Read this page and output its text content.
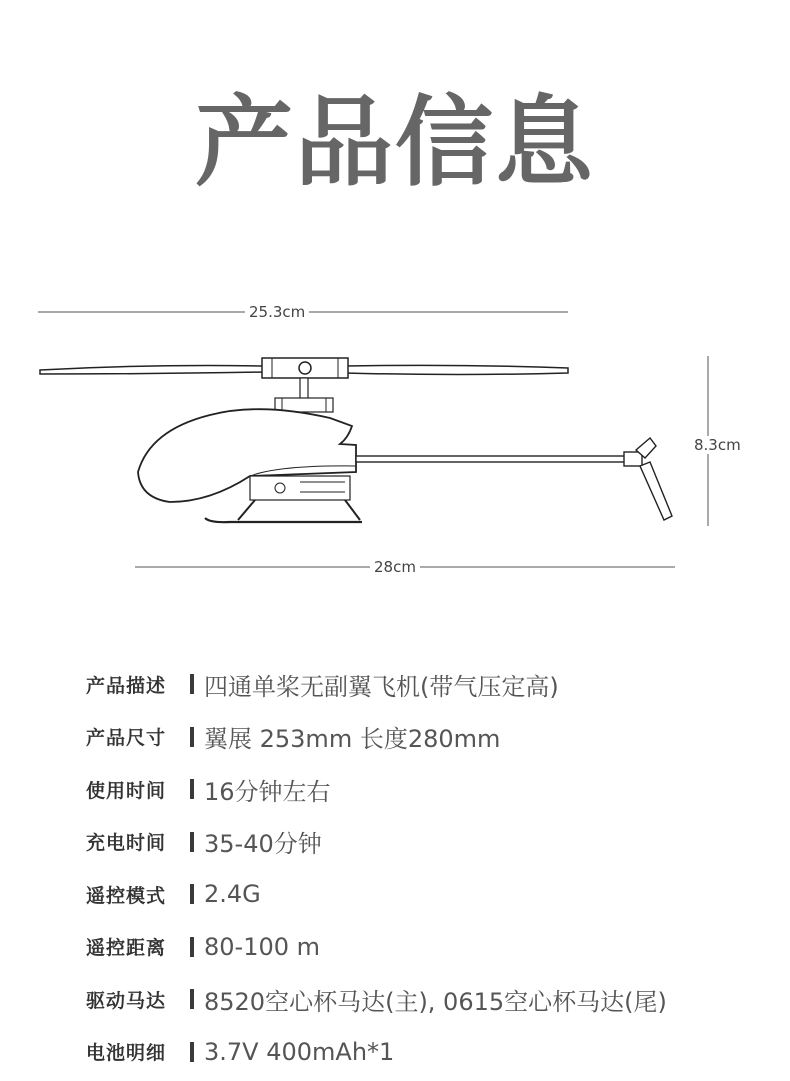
产品信息
25.3cm
8.3cm
28cm
产品描述	四通单桨无副翼飞机(带气压定高)
产品尺寸	翼展 253mm 长度280mm
使用时间	16分钟左右
充电时间	35-40分钟
遥控模式	2.4G
遥控距离	80-100 m
驱动马达	8520空心杯马达(主), 0615空心杯马达(尾)
电池明细	3.7V 400mAh*1
